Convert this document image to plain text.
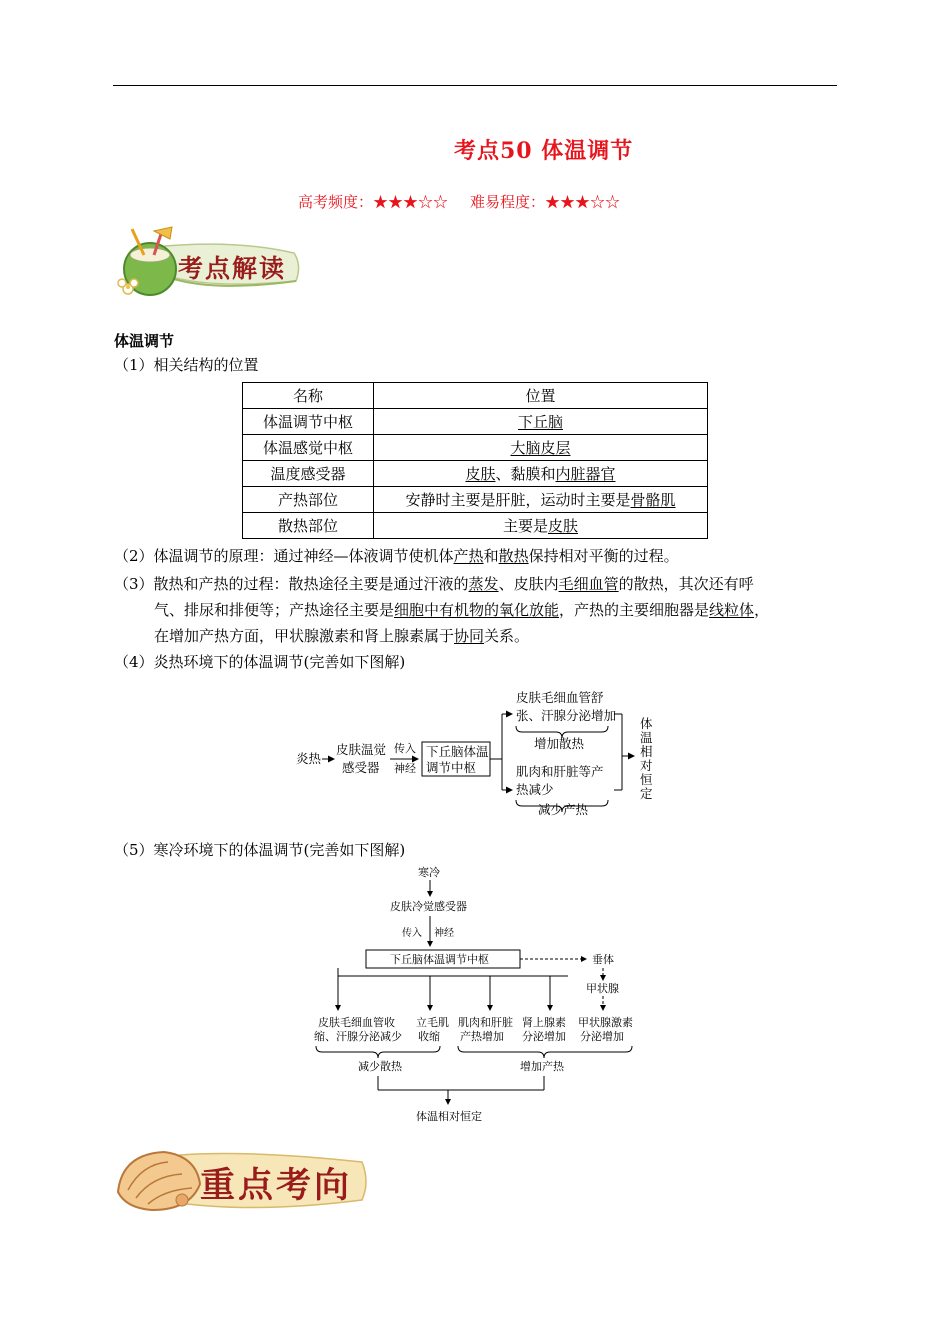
考点50 体温调节
高考频度：★★★☆☆ 难易程度：★★★☆☆
考点解读
体温调节
（1）相关结构的位置
名称	位置
体温调节中枢	下丘脑
体温感觉中枢	大脑皮层
温度感受器	皮肤、黏膜和内脏器官
产热部位	安静时主要是肝脏，运动时主要是骨骼肌
散热部位	主要是皮肤
（2）体温调节的原理：通过神经—体液调节使机体产热和散热保持相对平衡的过程。
（3）散热和产热的过程：散热途径主要是通过汗液的蒸发、皮肤内毛细血管的散热，其次还有呼
气、排尿和排便等；产热途径主要是细胞中有机物的氧化放能，产热的主要细胞器是线粒体，
在增加产热方面，甲状腺激素和肾上腺素属于协同关系。
（4）炎热环境下的体温调节(完善如下图解)
炎热
皮肤温觉
感受器
传入
神经
下丘脑体温
调节中枢
皮肤毛细血管舒
张、汗腺分泌增加
增加散热
肌肉和肝脏等产
热减少
减少产热
体
温
相
对
恒
定
（5）寒冷环境下的体温调节(完善如下图解)
寒冷
皮肤冷觉感受器
传入 神经
下丘脑体温调节中枢	垂体
甲状腺
皮肤毛细血管收
缩、汗腺分泌减少
立毛肌
收缩
肌肉和肝脏
产热增加
肾上腺素
分泌增加
甲状腺激素
分泌增加
减少散热	增加产热
体温相对恒定
重点考向
